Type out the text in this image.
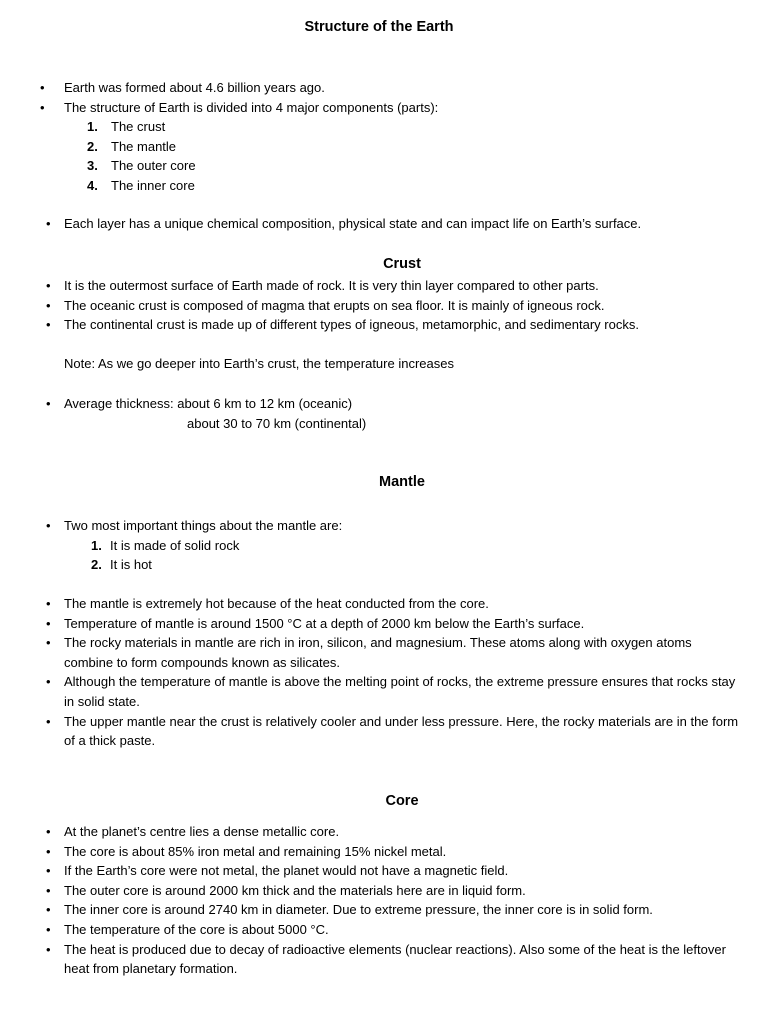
Structure of the Earth
• Earth was formed about 4.6 billion years ago.
• The structure of Earth is divided into 4 major components (parts):
1. The crust
2. The mantle
3. The outer core
4. The inner core
• Each layer has a unique chemical composition, physical state and can impact life on Earth’s surface.
Crust
• It is the outermost surface of Earth made of rock. It is very thin layer compared to other parts.
• The oceanic crust is composed of magma that erupts on sea floor. It is mainly of igneous rock.
• The continental crust is made up of different types of igneous, metamorphic, and sedimentary rocks.
Note: As we go deeper into Earth’s crust, the temperature increases
• Average thickness: about 6 km to 12 km (oceanic)
about 30 to 70 km (continental)
Mantle
• Two most important things about the mantle are:
1. It is made of solid rock
2. It is hot
• The mantle is extremely hot because of the heat conducted from the core.
• Temperature of mantle is around 1500 °C at a depth of 2000 km below the Earth’s surface.
• The rocky materials in mantle are rich in iron, silicon, and magnesium. These atoms along with oxygen atoms combine to form compounds known as silicates.
• Although the temperature of mantle is above the melting point of rocks, the extreme pressure ensures that rocks stay in solid state.
• The upper mantle near the crust is relatively cooler and under less pressure. Here, the rocky materials are in the form of a thick paste.
Core
• At the planet’s centre lies a dense metallic core.
• The core is about 85% iron metal and remaining 15% nickel metal.
• If the Earth’s core were not metal, the planet would not have a magnetic field.
• The outer core is around 2000 km thick and the materials here are in liquid form.
• The inner core is around 2740 km in diameter. Due to extreme pressure, the inner core is in solid form.
• The temperature of the core is about 5000 °C.
• The heat is produced due to decay of radioactive elements (nuclear reactions). Also some of the heat is the leftover heat from planetary formation.
